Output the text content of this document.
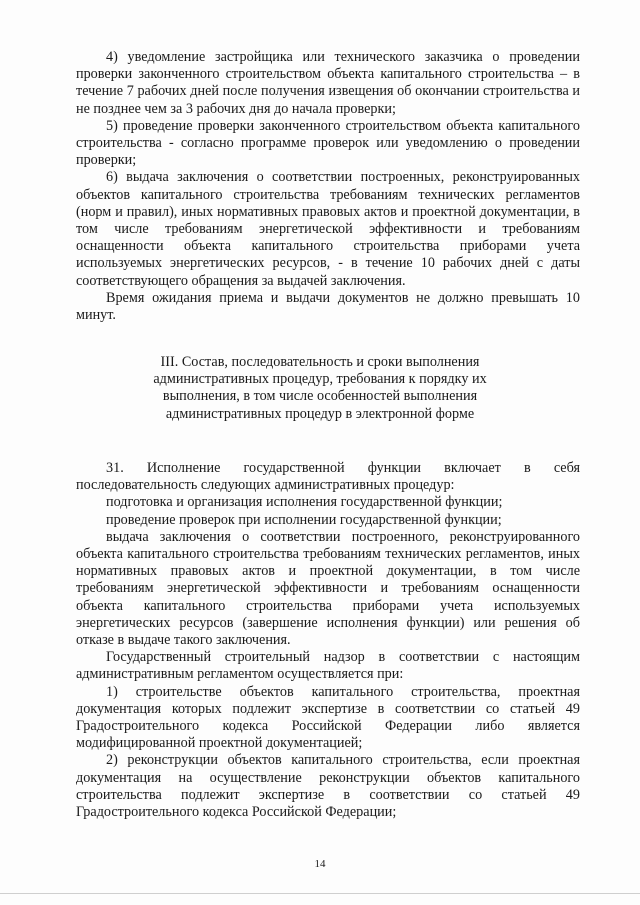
4) уведомление застройщика или технического заказчика о проведении проверки законченного строительством объекта капитального строительства – в течение 7 рабочих дней после получения извещения об окончании строительства и не позднее чем за 3 рабочих дня до начала проверки;

5) проведение проверки законченного строительством объекта капитального строительства - согласно программе проверок или уведомлению о проведении проверки;

6) выдача заключения о соответствии построенных, реконструированных объектов капитального строительства требованиям технических регламентов (норм и правил), иных нормативных правовых актов и проектной документации, в том числе требованиям энергетической эффективности и требованиям оснащенности объекта капитального строительства приборами учета используемых энергетических ресурсов, - в течение 10 рабочих дней с даты соответствующего обращения за выдачей заключения.

Время ожидания приема и выдачи документов не должно превышать 10 минут.

III. Состав, последовательность и сроки выполнения
административных процедур, требования к порядку их
выполнения, в том числе особенностей выполнения
административных процедур в электронной форме

31. Исполнение государственной функции включает в себя последовательность следующих административных процедур:

подготовка и организация исполнения государственной функции;

проведение проверок при исполнении государственной функции;

выдача заключения о соответствии построенного, реконструированного объекта капитального строительства требованиям технических регламентов, иных нормативных правовых актов и проектной документации, в том числе требованиям энергетической эффективности и требованиям оснащенности объекта капитального строительства приборами учета используемых энергетических ресурсов (завершение исполнения функции) или решения об отказе в выдаче такого заключения.

Государственный строительный надзор в соответствии с настоящим административным регламентом осуществляется при:

1) строительстве объектов капитального строительства, проектная документация которых подлежит экспертизе в соответствии со статьей 49 Градостроительного кодекса Российской Федерации либо является модифицированной проектной документацией;

2) реконструкции объектов капитального строительства, если проектная документация на осуществление реконструкции объектов капитального строительства подлежит экспертизе в соответствии со статьей 49 Градостроительного кодекса Российской Федерации;

14
